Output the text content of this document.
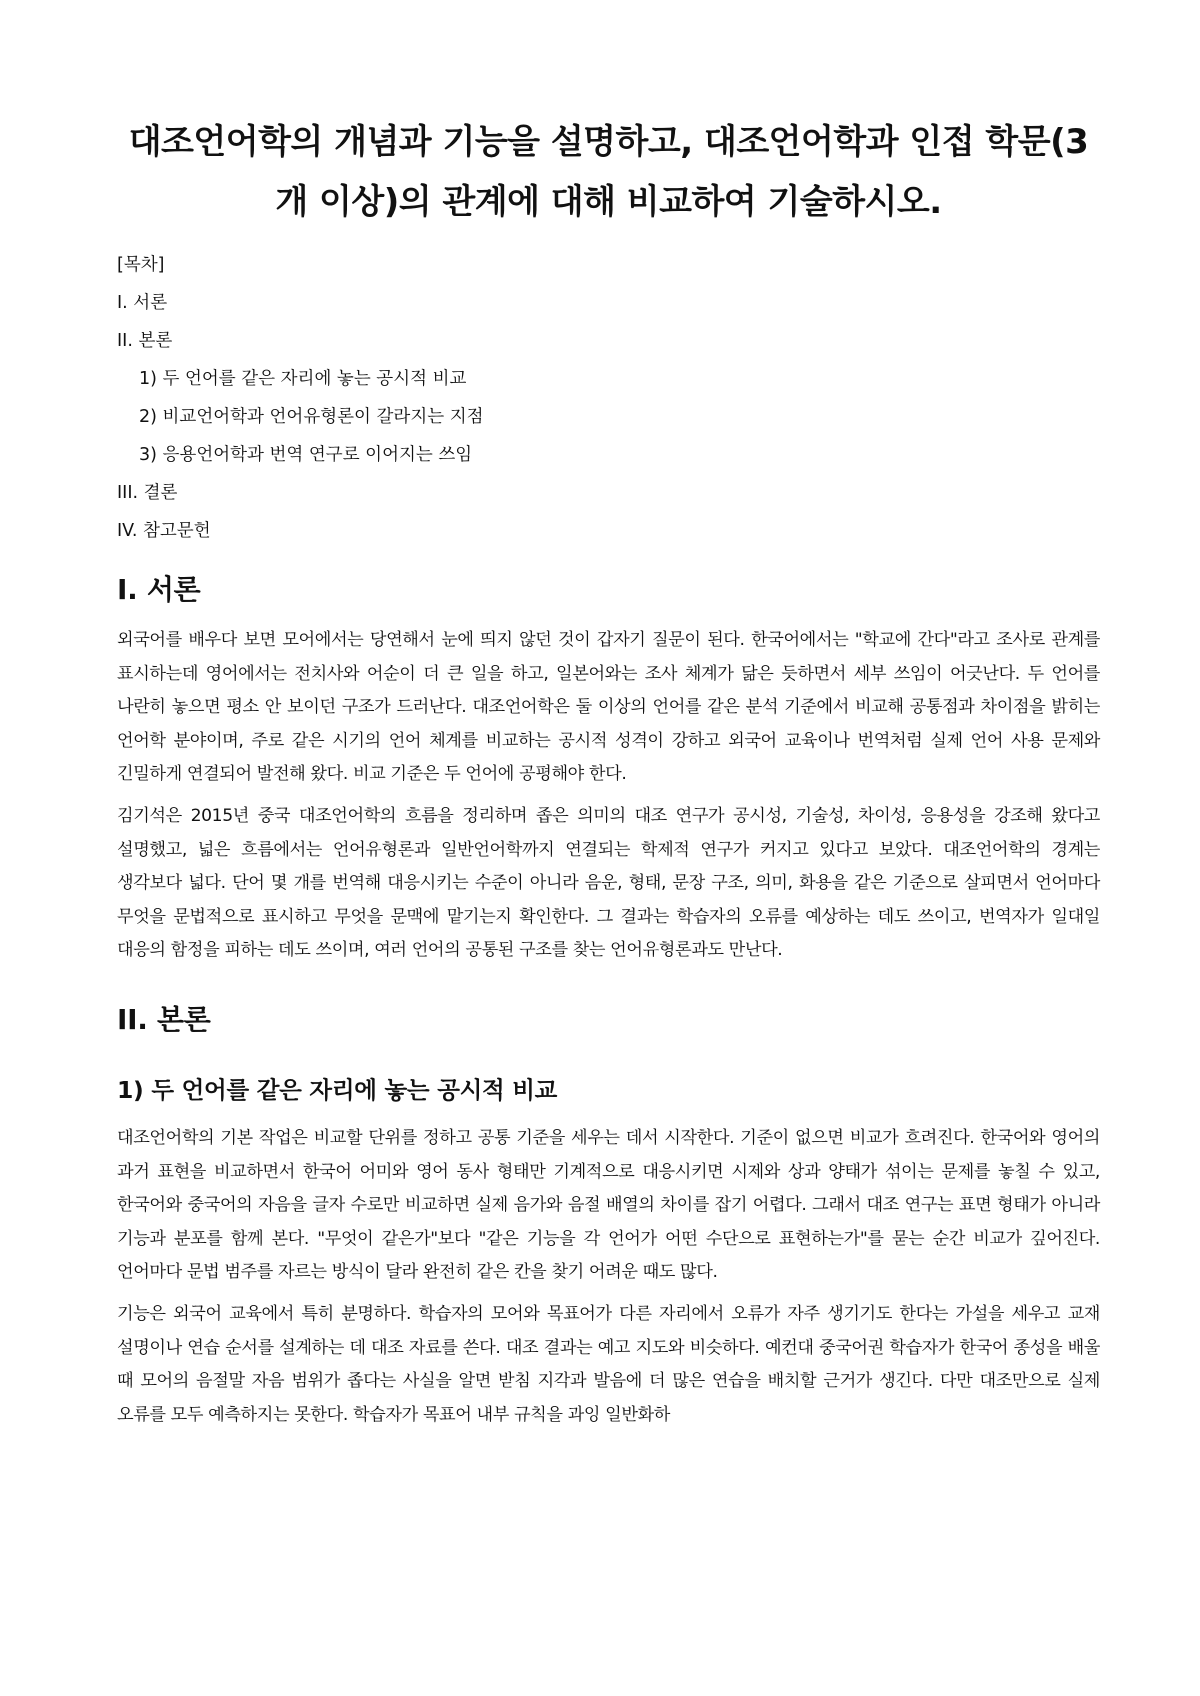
대조언어학의 개념과 기능을 설명하고, 대조언어학과 인접 학문(3개 이상)의 관계에 대해 비교하여 기술하시오.
[목차]
I. 서론
II. 본론
1) 두 언어를 같은 자리에 놓는 공시적 비교
2) 비교언어학과 언어유형론이 갈라지는 지점
3) 응용언어학과 번역 연구로 이어지는 쓰임
III. 결론
IV. 참고문헌
I. 서론

외국어를 배우다 보면 모어에서는 당연해서 눈에 띄지 않던 것이 갑자기 질문이 된다. 한국어에서는 "학교에 간다"라고 조사로 관계를 표시하는데 영어에서는 전치사와 어순이 더 큰 일을 하고, 일본어와는 조사 체계가 닮은 듯하면서 세부 쓰임이 어긋난다. 두 언어를 나란히 놓으면 평소 안 보이던 구조가 드러난다. 대조언어학은 둘 이상의 언어를 같은 분석 기준에서 비교해 공통점과 차이점을 밝히는 언어학 분야이며, 주로 같은 시기의 언어 체계를 비교하는 공시적 성격이 강하고 외국어 교육이나 번역처럼 실제 언어 사용 문제와 긴밀하게 연결되어 발전해 왔다. 비교 기준은 두 언어에 공평해야 한다.

김기석은 2015년 중국 대조언어학의 흐름을 정리하며 좁은 의미의 대조 연구가 공시성, 기술성, 차이성, 응용성을 강조해 왔다고 설명했고, 넓은 흐름에서는 언어유형론과 일반언어학까지 연결되는 학제적 연구가 커지고 있다고 보았다. 대조언어학의 경계는 생각보다 넓다. 단어 몇 개를 번역해 대응시키는 수준이 아니라 음운, 형태, 문장 구조, 의미, 화용을 같은 기준으로 살피면서 언어마다 무엇을 문법적으로 표시하고 무엇을 문맥에 맡기는지 확인한다. 그 결과는 학습자의 오류를 예상하는 데도 쓰이고, 번역자가 일대일 대응의 함정을 피하는 데도 쓰이며, 여러 언어의 공통된 구조를 찾는 언어유형론과도 만난다.

II. 본론
1) 두 언어를 같은 자리에 놓는 공시적 비교

대조언어학의 기본 작업은 비교할 단위를 정하고 공통 기준을 세우는 데서 시작한다. 기준이 없으면 비교가 흐려진다. 한국어와 영어의 과거 표현을 비교하면서 한국어 어미와 영어 동사 형태만 기계적으로 대응시키면 시제와 상과 양태가 섞이는 문제를 놓칠 수 있고, 한국어와 중국어의 자음을 글자 수로만 비교하면 실제 음가와 음절 배열의 차이를 잡기 어렵다. 그래서 대조 연구는 표면 형태가 아니라 기능과 분포를 함께 본다. "무엇이 같은가"보다 "같은 기능을 각 언어가 어떤 수단으로 표현하는가"를 묻는 순간 비교가 깊어진다. 언어마다 문법 범주를 자르는 방식이 달라 완전히 같은 칸을 찾기 어려운 때도 많다.

기능은 외국어 교육에서 특히 분명하다. 학습자의 모어와 목표어가 다른 자리에서 오류가 자주 생기기도 한다는 가설을 세우고 교재 설명이나 연습 순서를 설계하는 데 대조 자료를 쓴다. 대조 결과는 예고 지도와 비슷하다. 예컨대 중국어권 학습자가 한국어 종성을 배울 때 모어의 음절말 자음 범위가 좁다는 사실을 알면 받침 지각과 발음에 더 많은 연습을 배치할 근거가 생긴다. 다만 대조만으로 실제 오류를 모두 예측하지는 못한다. 학습자가 목표어 내부 규칙을 과잉 일반화하
